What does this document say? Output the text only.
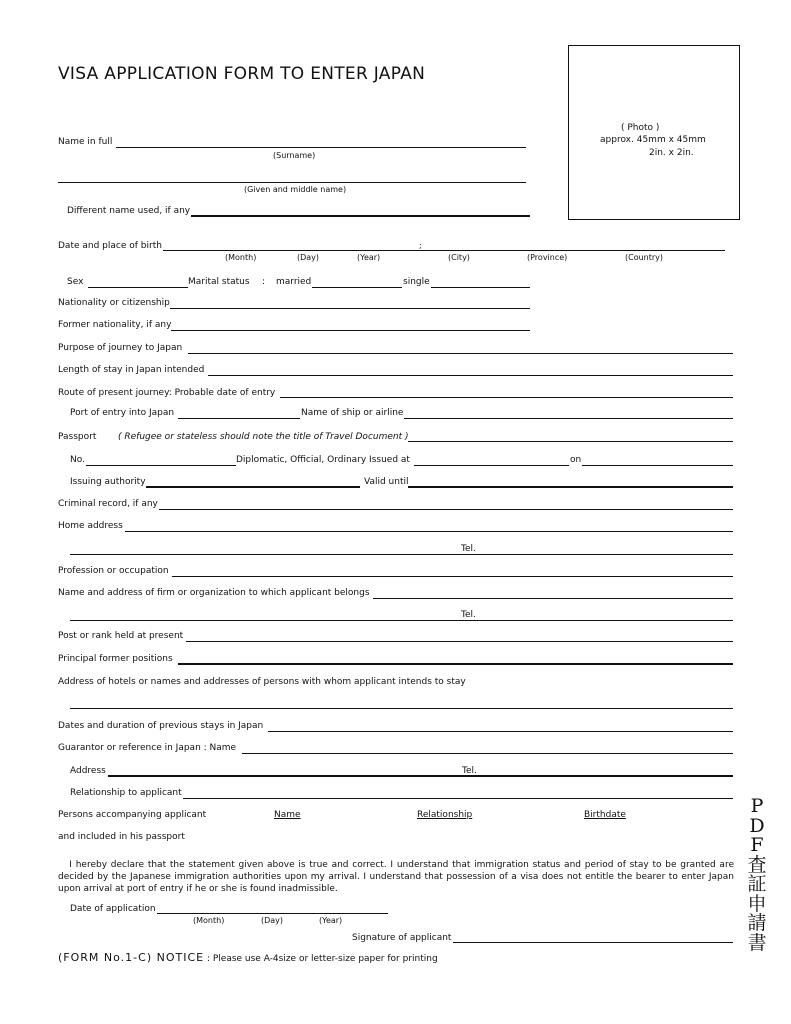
VISA APPLICATION FORM TO ENTER JAPAN
( Photo )
approx. 45mm x 45mm
2in. x 2in.
Name in full
(Surname)
(Given and middle name)
Different name used, if any
Date and place of birth	;
(Month)	(Day)	(Year)	(City)	(Province)	(Country)
Sex	Marital status : married	single
Nationality or citizenship
Former nationality, if any
Purpose of journey to Japan
Length of stay in Japan intended
Route of present journey: Probable date of entry
Port of entry into Japan	Name of ship or airline
Passport ( Refugee or stateless should note the title of Travel Document )
No.	Diplomatic, Official, Ordinary Issued at	on
Issuing authority	Valid until
Criminal record, if any
Home address
Tel.
Profession or occupation
Name and address of firm or organization to which applicant belongs
Tel.
Post or rank held at present
Principal former positions
Address of hotels or names and addresses of persons with whom applicant intends to stay
Dates and duration of previous stays in Japan
Guarantor or reference in Japan : Name
Address	Tel.
Relationship to applicant
Persons accompanying applicant	Name	Relationship	Birthdate
and included in his passport
I hereby declare that the statement given above is true and correct. I understand that immigration status and period of stay to be granted are decided by the Japanese immigration authorities upon my arrival. I understand that possession of a visa does not entitle the bearer to enter Japan upon arrival at port of entry if he or she is found inadmissible.
Date of application
(Month)	(Day)	(Year)
Signature of applicant
(FORM No.1-C) NOTICE : Please use A-4size or letter-size paper for printing
P
D
F
査
証
申
請
書
